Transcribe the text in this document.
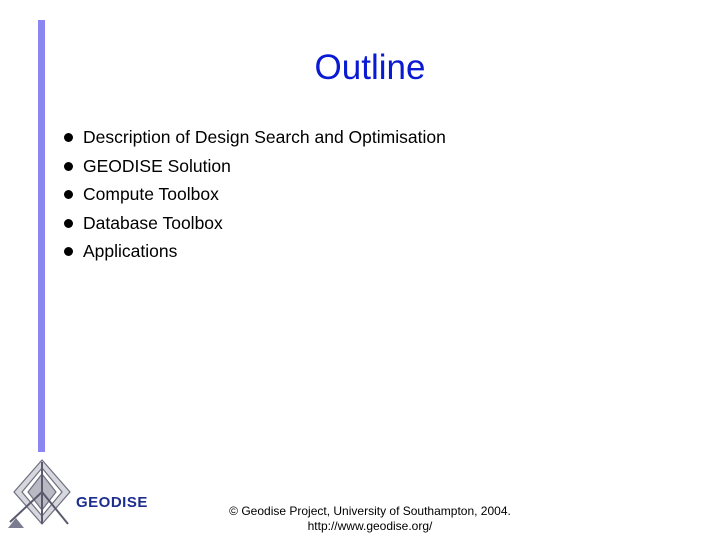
Outline
Description of Design Search and Optimisation
GEODISE Solution
Compute Toolbox
Database Toolbox
Applications
GEODISE	© Geodise Project, University of Southampton, 2004.
http://www.geodise.org/
